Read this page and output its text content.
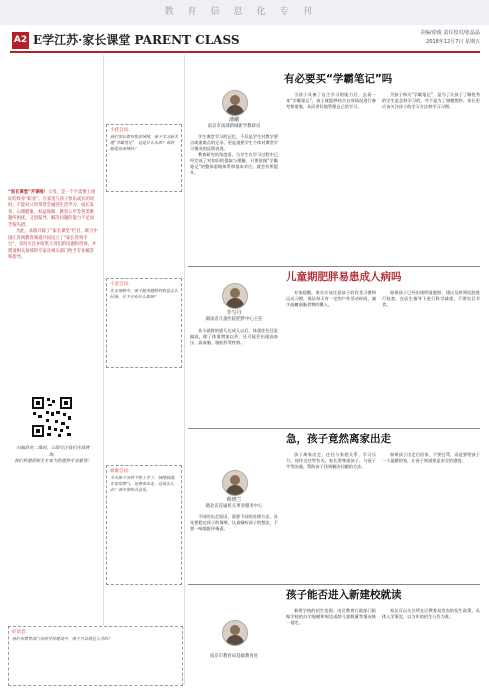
教育信息化专刊
A2 E学江苏·家长课堂 PARENT CLASS	美编/徐俊 责任校对/张晶晶
2018年12月7日 星期五
“家长课堂”开课啦！父母，是一个不需要上岗证的终身“职业”。在家里与孩子快乐成长的同时，不能对父母常常会碰到生活学习、成长发育、心理健康、权益保障、教育公平等各类难题所困扰，又因报导，解决问题的能力不足而苦恼失措。
为此，本版开辟了“家长课堂”栏目，联合中国江苏网教育频道共同设立了“家长咨询平台”，及时关注并收集父母们的问题和咨询，并邀请相关领域的专家及相关部门给予专业解答和指导。
扫描此处二维码，立即关注我们在线咨询。
我们将邀请相关专家为您提供专业解答！
小桂自问：
我们家长都有焦虑情绪，孩子学习最关键“学霸笔记”，这是什么东西？真的能提高成绩吗？
小金自问：
在父母眼中，孩子越来越胖到底是怎么回事，会不会有什么影响？
谁谁自问：
今天孩子突然不想上学了，情绪低落，在家发脾气，还离家出走。这该怎么办？请专家给点意见。
好消息：
我们市教育部门办的学校建设中，孩子可以就近入学吗？
有必要买“学霸笔记”吗
潘曦
南京市南部新城新学教研员

学生课堂学习的记忆，不仅是学生对教学要点或重难点的记录，更是重要学生个体对课堂学习情况的反馈表现。

教育研究的角度看，当学生在学习过程中已经完成了对知识的提取与理解，只要依据“学霸笔记”的整体思路体系和基本对应，就会有所提升。

当孩子具备了自主学习的能力后，去看一本“学霸笔记”，孩子就能够结合自身情况进行参考和借鉴，从而更好地管理自己的学习。

为孩子购买“学霸笔记”，是为了让孩子了解优秀的学生是怎样学习的，并不是为了照搬照抄。家长更应该关注孩子的学习方法和学习习惯。

儿童期肥胖易患成人病吗
李写丹
湖南省儿童医院肥胖中心主任

从小就胖的患儿在成人以后，体重往往还是偏高，除了体重增加以外，还可能会出现高血压、高血脂、脂肪肝等疾病。

专家提醒，家长应该注意孩子的饮食习惯和运动习惯，保证每天有一定的户外活动时间，减少高糖高脂食物的摄入。

如果孩子已经出现明显肥胖，建议及时到医院进行检查，在医生指导下进行科学减重，不要盲目节食。

急，孩子竟然离家出走
蔡晓兰
湖北省直属机关事业服务中心

不同的出走原因，需要不同的处理方法。首先要稳定孩子的情绪，认真倾听孩子的想法，不要一味地批评指责。

孩子离家出走，往往与家庭关系、学习压力、同伴交往等有关。家长要尊重孩子，与孩子平等沟通，帮助孩子找到解决问题的方法。

如果孩子出走后回家，不要打骂，而是要给孩子一个温暖的家，让孩子知道家是安全的港湾。

孩子能否进入新建校就读
南京市教育局基础教育处

新建学校的招生范围，由区教育行政部门根据学校的办学规模和周边适龄儿童数量等情况统一划定。

家长可以关注所在区教育局发布的招生政策，具体入学事宜，以当年的招生公告为准。
